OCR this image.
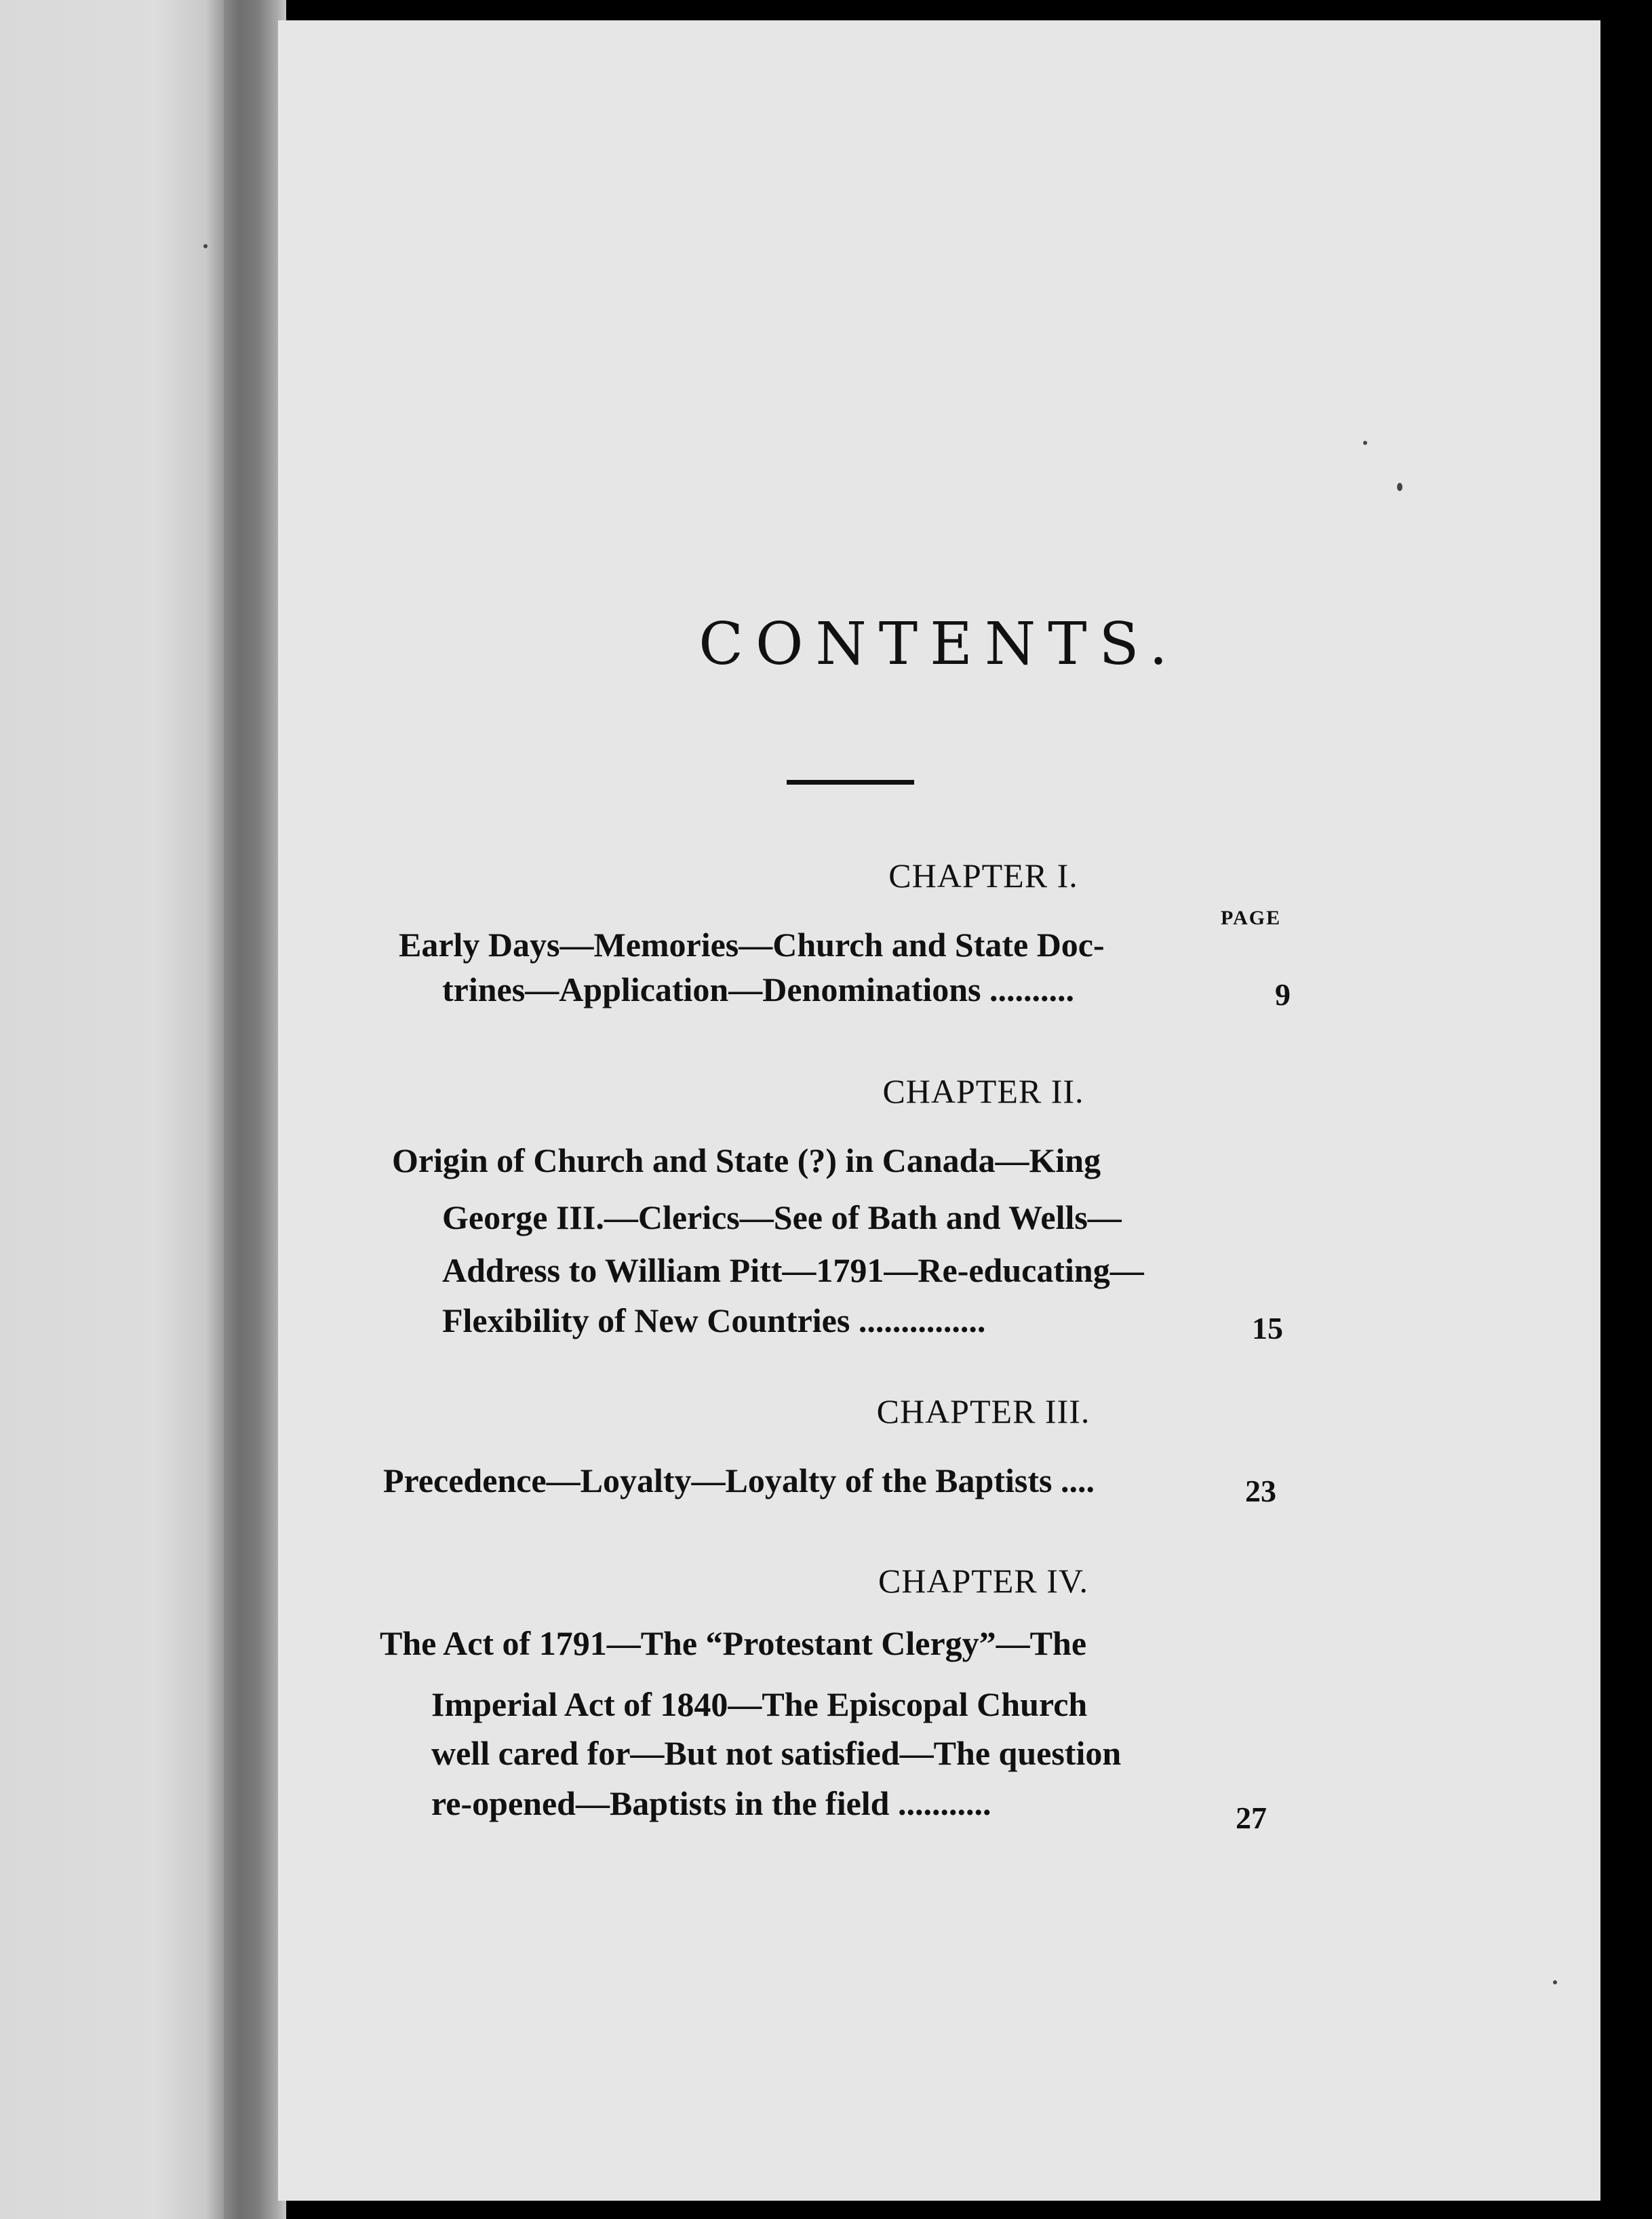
CONTENTS.
PAGE
CHAPTER I.
Early Days—Memories—Church and State Doc-
trines—Application—Denominations ..........	9
CHAPTER II.
Origin of Church and State (?) in Canada—King
George III.—Clerics—See of Bath and Wells—
Address to William Pitt—1791—Re-educating—
Flexibility of New Countries ...............	15
CHAPTER III.
Precedence—Loyalty—Loyalty of the Baptists ....	23
CHAPTER IV.
The Act of 1791—The “Protestant Clergy”—The
Imperial Act of 1840—The Episcopal Church
well cared for—But not satisfied—The question
re-opened—Baptists in the field ...........	27
